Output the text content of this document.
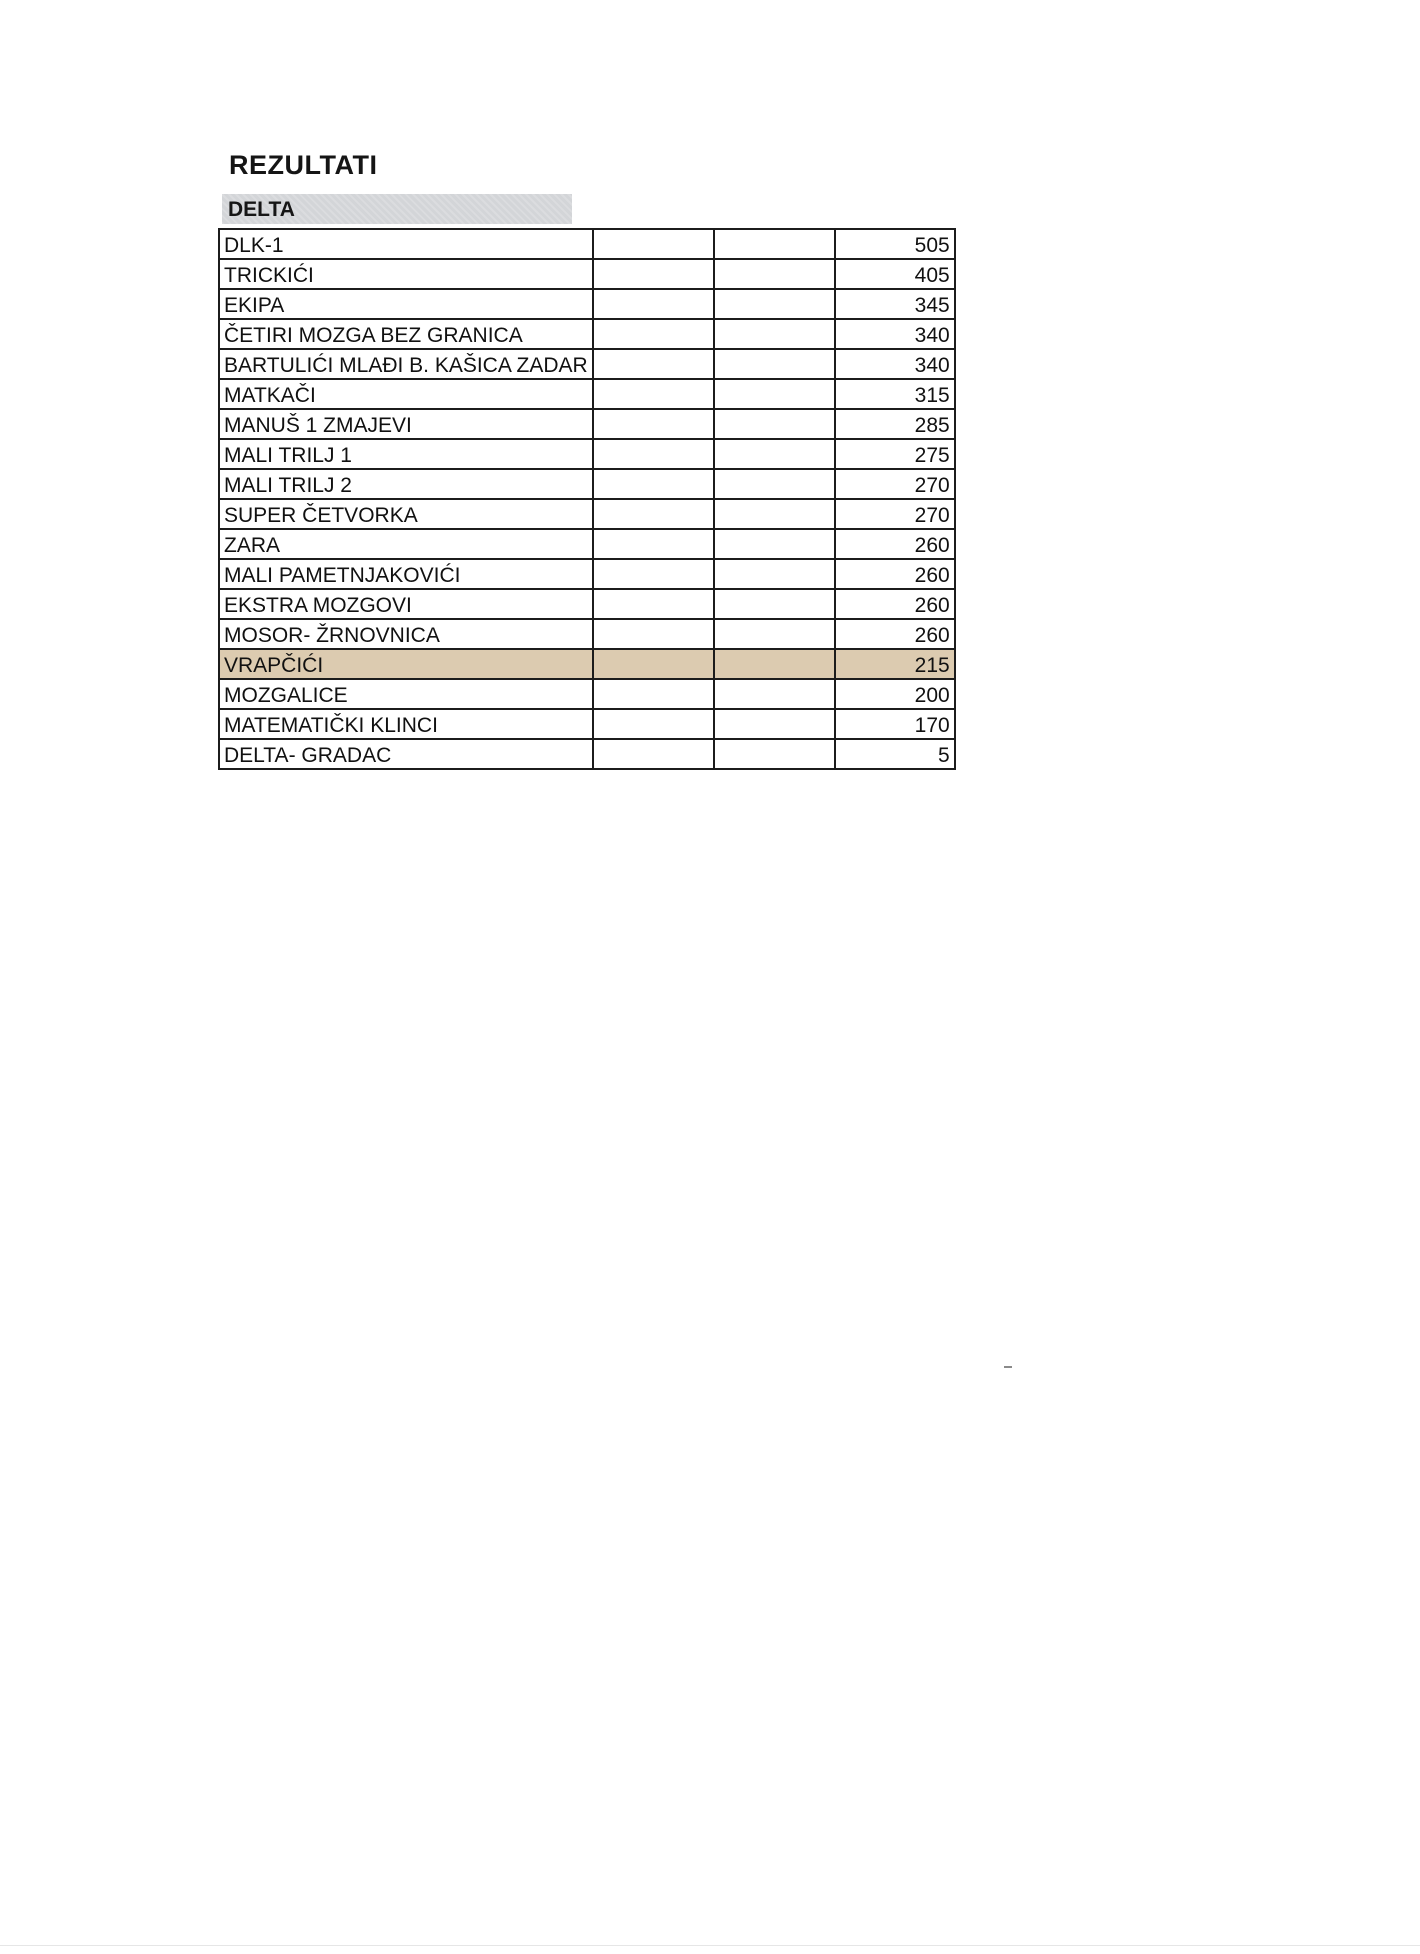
REZULTATI
DELTA
DLK-1			505
TRICKIĆI			405
EKIPA			345
ČETIRI MOZGA BEZ GRANICA			340
BARTULIĆI MLAĐI B. KAŠICA ZADAR			340
MATKAČI			315
MANUŠ 1 ZMAJEVI			285
MALI TRILJ 1			275
MALI TRILJ 2			270
SUPER ČETVORKA			270
ZARA			260
MALI PAMETNJAKOVIĆI			260
EKSTRA MOZGOVI			260
MOSOR- ŽRNOVNICA			260
VRAPČIĆI			215
MOZGALICE			200
MATEMATIČKI KLINCI			170
DELTA- GRADAC			5
